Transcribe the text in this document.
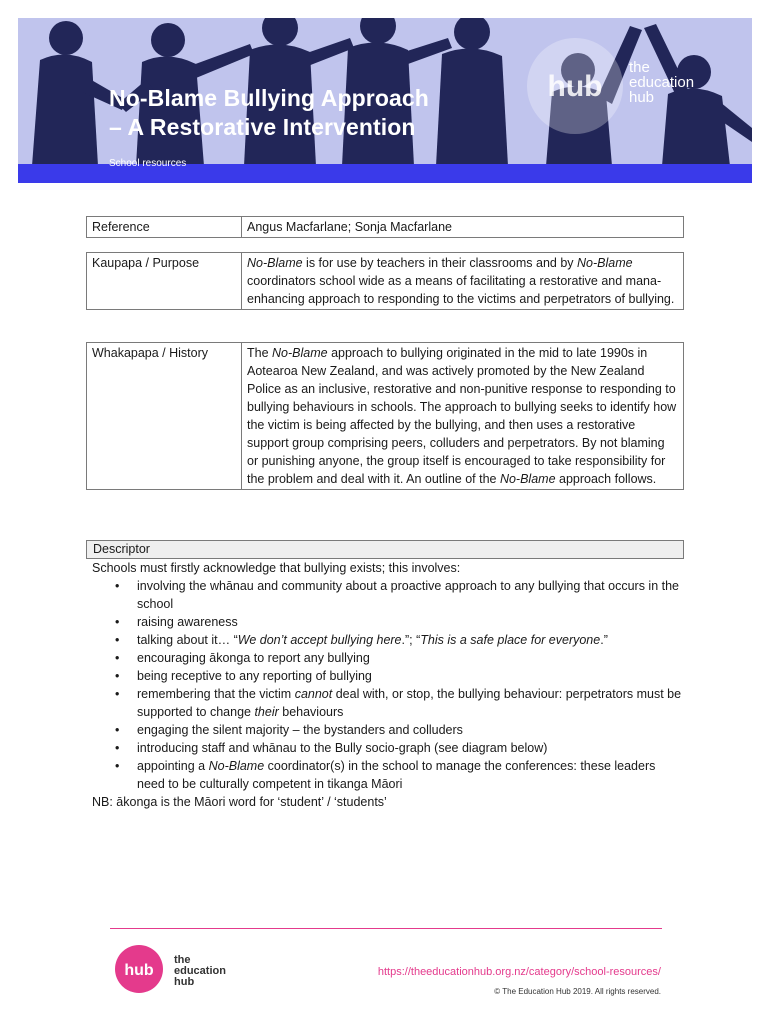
hub
the
education
hub
No-Blame Bullying Approach
– A Restorative Intervention
School resources
Reference	Angus Macfarlane; Sonja Macfarlane
Kaupapa / Purpose	No-Blame is for use by teachers in their classrooms and by No-Blame coordinators school wide as a means of facilitating a restorative and mana-enhancing approach to responding to the victims and perpetrators of bullying.
Whakapapa / History	The No-Blame approach to bullying originated in the mid to late 1990s in Aotearoa New Zealand, and was actively promoted by the New Zealand Police as an inclusive, restorative and non-punitive response to responding to bullying behaviours in schools. The approach to bullying seeks to identify how the victim is being affected by the bullying, and then uses a restorative support group comprising peers, colluders and perpetrators. By not blaming or punishing anyone, the group itself is encouraged to take responsibility for the problem and deal with it. An outline of the No-Blame approach follows.
Descriptor
Schools must firstly acknowledge that bullying exists; this involves:
• involving the whānau and community about a proactive approach to any bullying that occurs in the school
• raising awareness
• talking about it… “We don’t accept bullying here.”; “This is a safe place for everyone.”
• encouraging ākonga to report any bullying
• being receptive to any reporting of bullying
• remembering that the victim cannot deal with, or stop, the bullying behaviour: perpetrators must be supported to change their behaviours
• engaging the silent majority – the bystanders and colluders
• introducing staff and whānau to the Bully socio-graph (see diagram below)
• appointing a No-Blame coordinator(s) in the school to manage the conferences: these leaders need to be culturally competent in tikanga Māori
NB: ākonga is the Māori word for ‘student’ / ‘students’
hub
the
education
hub
https://theeducationhub.org.nz/category/school-resources/
© The Education Hub 2019. All rights reserved.
